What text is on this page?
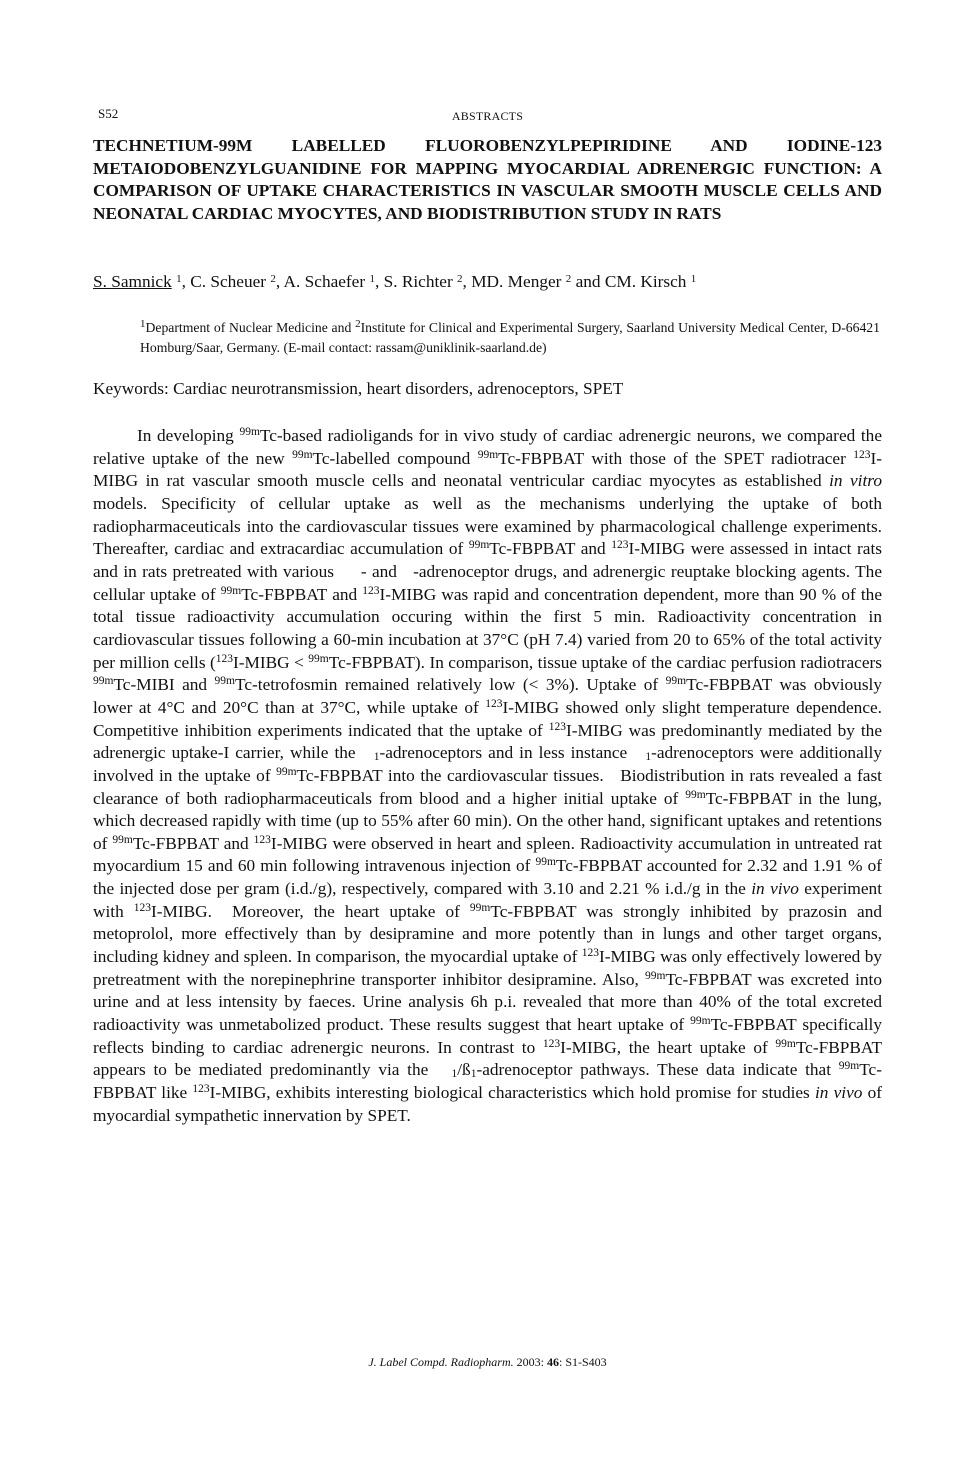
S52	ABSTRACTS
TECHNETIUM-99M LABELLED FLUOROBENZYLPEPIRIDINE AND IODINE-123 METAIODOBENZYLGUANIDINE FOR MAPPING MYOCARDIAL ADRENERGIC FUNCTION: A COMPARISON OF UPTAKE CHARACTERISTICS IN VASCULAR SMOOTH MUSCLE CELLS AND NEONATAL CARDIAC MYOCYTES, AND BIODISTRIBUTION STUDY IN RATS
S. Samnick $^1$, C. Scheuer $^2$, A. Schaefer $^1$, S. Richter $^2$, MD. Menger $^2$ and CM. Kirsch $^1$
$^1$Department of Nuclear Medicine and $^2$Institute for Clinical and Experimental Surgery, Saarland University Medical Center, D-66421 Homburg/Saar, Germany. (E-mail contact: rassam@uniklinik-saarland.de)
Keywords: Cardiac neurotransmission, heart disorders, adrenoceptors, SPET
In developing $^{99m}$Tc-based radioligands for in vivo study of cardiac adrenergic neurons, we compared the relative uptake of the new $^{99m}$Tc-labelled compound $^{99m}$Tc-FBPBAT with those of the SPET radiotracer $^{123}$I-MIBG in rat vascular smooth muscle cells and neonatal ventricular cardiac myocytes as established in vitro models. Specificity of cellular uptake as well as the mechanisms underlying the uptake of both radiopharmaceuticals into the cardiovascular tissues were examined by pharmacological challenge experiments. Thereafter, cardiac and extracardiac accumulation of $^{99m}$Tc-FBPBAT and $^{123}$I-MIBG were assessed in intact rats and in rats pretreated with various     - and   -adrenoceptor drugs, and adrenergic reuptake blocking agents. The cellular uptake of $^{99m}$Tc-FBPBAT and $^{123}$I-MIBG was rapid and concentration dependent, more than 90 % of the total tissue radioactivity accumulation occuring within the first 5 min. Radioactivity concentration in cardiovascular tissues following a 60-min incubation at 37°C (pH 7.4) varied from 20 to 65% of the total activity per million cells ($^{123}$I-MIBG < $^{99m}$Tc-FBPBAT). In comparison, tissue uptake of the cardiac perfusion radiotracers $^{99m}$Tc-MIBI and $^{99m}$Tc-tetrofosmin remained relatively low (< 3%). Uptake of $^{99m}$Tc-FBPBAT was obviously lower at 4°C and 20°C than at 37°C, while uptake of $^{123}$I-MIBG showed only slight temperature dependence. Competitive inhibition experiments indicated that the uptake of $^{123}$I-MIBG was predominantly mediated by the adrenergic uptake-I carrier, while the   $_1$-adrenoceptors and in less instance   $_1$-adrenoceptors were additionally involved in the uptake of $^{99m}$Tc-FBPBAT into the cardiovascular tissues.   Biodistribution in rats revealed a fast clearance of both radiopharmaceuticals from blood and a higher initial uptake of $^{99m}$Tc-FBPBAT in the lung, which decreased rapidly with time (up to 55% after 60 min). On the other hand, significant uptakes and retentions of $^{99m}$Tc-FBPBAT and $^{123}$I-MIBG were observed in heart and spleen. Radioactivity accumulation in untreated rat myocardium 15 and 60 min following intravenous injection of $^{99m}$Tc-FBPBAT accounted for 2.32 and 1.91 % of the injected dose per gram (i.d./g), respectively, compared with 3.10 and 2.21 % i.d./g in the in vivo experiment with $^{123}$I-MIBG.  Moreover, the heart uptake of $^{99m}$Tc-FBPBAT was strongly inhibited by prazosin and metoprolol, more effectively than by desipramine and more potently than in lungs and other target organs, including kidney and spleen. In comparison, the myocardial uptake of $^{123}$I-MIBG was only effectively lowered by pretreatment with the norepinephrine transporter inhibitor desipramine. Also, $^{99m}$Tc-FBPBAT was excreted into urine and at less intensity by faeces. Urine analysis 6h p.i. revealed that more than 40% of the total excreted radioactivity was unmetabolized product. These results suggest that heart uptake of $^{99m}$Tc-FBPBAT specifically reflects binding to cardiac adrenergic neurons. In contrast to $^{123}$I-MIBG, the heart uptake of $^{99m}$Tc-FBPBAT appears to be mediated predominantly via the   $_1/ß_1$-adrenoceptor pathways. These data indicate that $^{99m}$Tc-FBPBAT like $^{123}$I-MIBG, exhibits interesting biological characteristics which hold promise for studies in vivo of myocardial sympathetic innervation by SPET.
J. Label Compd. Radiopharm. 2003: 46: S1-S403
